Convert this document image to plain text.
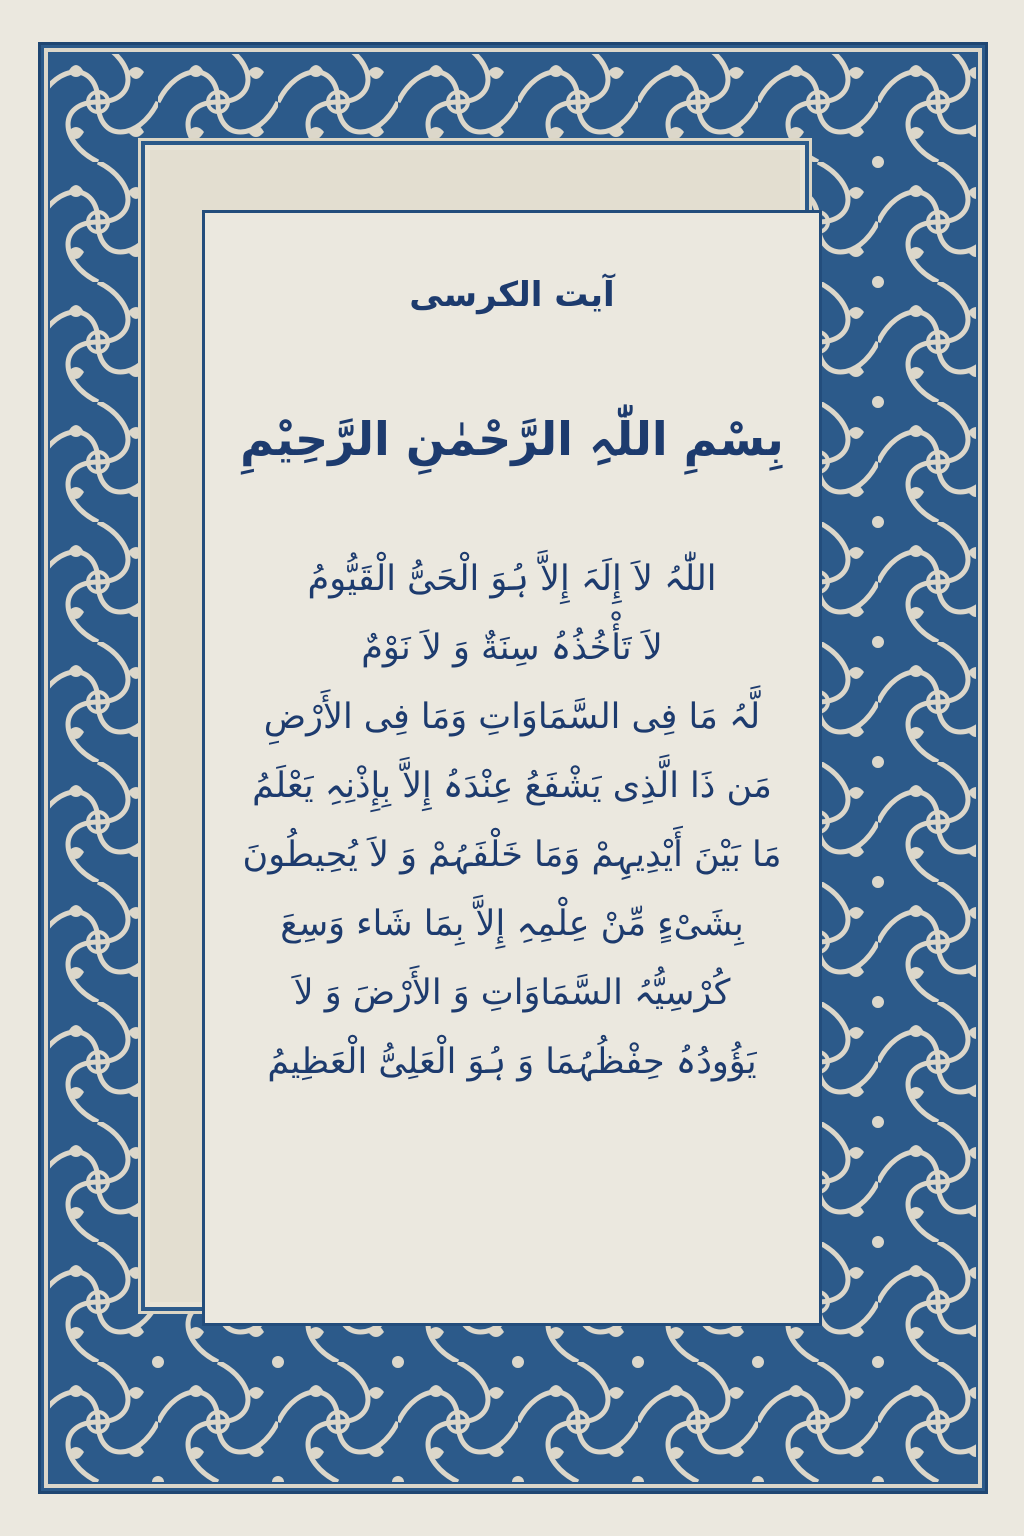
آیت الکرسی
بِسْمِ اللّٰہِ الرَّحْمٰنِ الرَّحِیْمِ
اللّٰہُ لاَ إِلَہَ إِلاَّ ہُوَ الْحَیُّ الْقَیُّومُ
لاَ تَأْخُذُہُ سِنَةٌ وَ لاَ نَوْمٌ
لَّہُ مَا فِی السَّمَاوَاتِ وَمَا فِی الأَرْضِ
مَن ذَا الَّذِی یَشْفَعُ عِنْدَہُ إِلاَّ بِإِذْنِہِ یَعْلَمُ
مَا بَیْنَ أَیْدِیہِمْ وَمَا خَلْفَہُمْ وَ لاَ یُحِیطُونَ
بِشَیْءٍ مِّنْ عِلْمِہِ إِلاَّ بِمَا شَاء وَسِعَ
کُرْسِیُّہُ السَّمَاوَاتِ وَ الأَرْضَ وَ لاَ
یَؤُودُہُ حِفْظُہُمَا وَ ہُوَ الْعَلِیُّ الْعَظِیمُ
